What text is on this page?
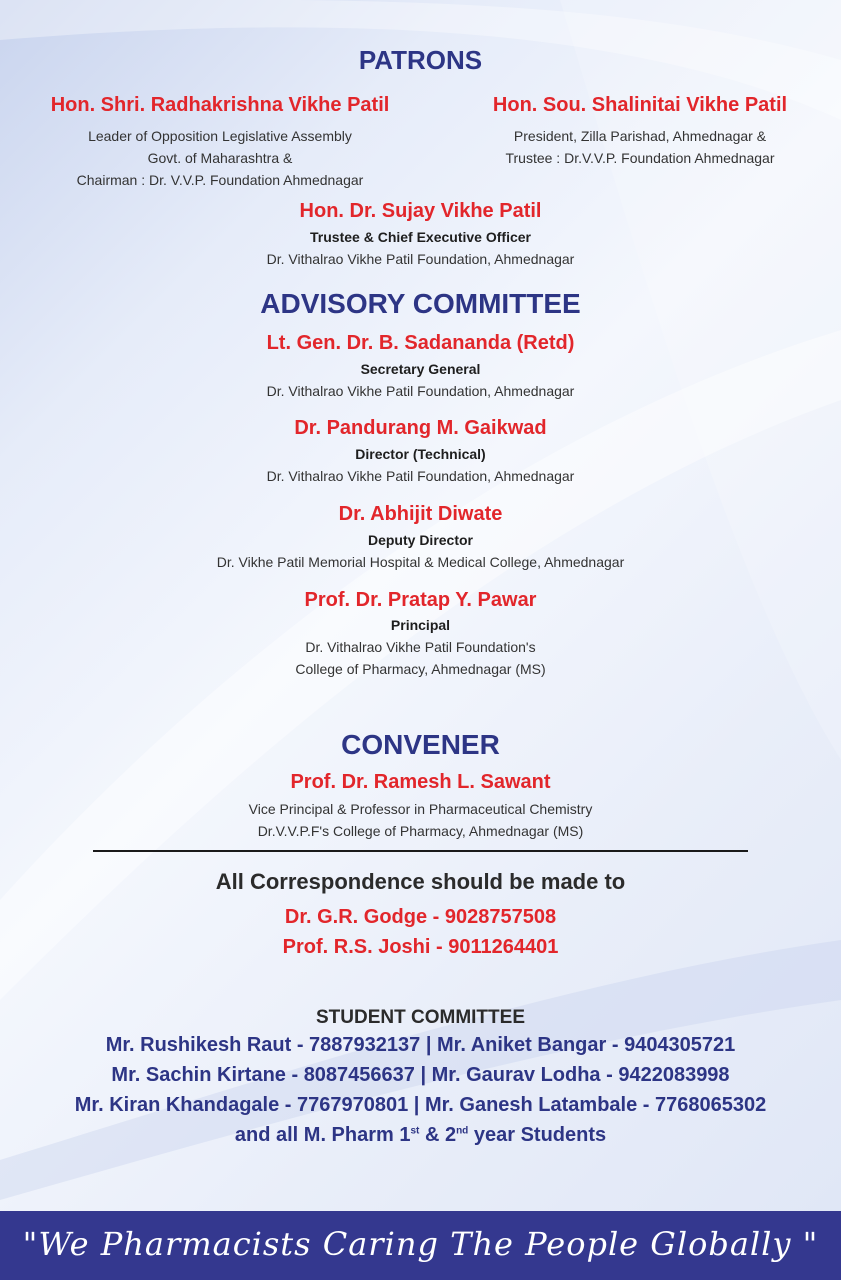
PATRONS
Hon. Shri. Radhakrishna Vikhe Patil
Leader of Opposition Legislative Assembly
Govt. of Maharashtra &
Chairman : Dr. V.V.P. Foundation Ahmednagar
Hon. Sou. Shalinitai Vikhe Patil
President, Zilla Parishad, Ahmednagar &
Trustee : Dr.V.V.P. Foundation Ahmednagar
Hon. Dr. Sujay Vikhe Patil
Trustee & Chief Executive Officer
Dr. Vithalrao Vikhe Patil Foundation, Ahmednagar
ADVISORY COMMITTEE
Lt. Gen. Dr. B. Sadananda (Retd)
Secretary General
Dr. Vithalrao Vikhe Patil Foundation, Ahmednagar
Dr. Pandurang M. Gaikwad
Director (Technical)
Dr. Vithalrao Vikhe Patil Foundation, Ahmednagar
Dr. Abhijit Diwate
Deputy Director
Dr. Vikhe Patil Memorial Hospital & Medical College, Ahmednagar
Prof. Dr. Pratap Y. Pawar
Principal
Dr. Vithalrao Vikhe Patil Foundation's
College of Pharmacy, Ahmednagar (MS)
CONVENER
Prof. Dr. Ramesh L. Sawant
Vice Principal & Professor in Pharmaceutical Chemistry
Dr.V.V.P.F's College of Pharmacy, Ahmednagar (MS)
All Correspondence should be made to
Dr. G.R. Godge - 9028757508
Prof. R.S. Joshi - 9011264401
STUDENT COMMITTEE
Mr. Rushikesh Raut - 7887932137 | Mr. Aniket Bangar - 9404305721
Mr. Sachin Kirtane - 8087456637 | Mr. Gaurav Lodha - 9422083998
Mr. Kiran Khandagale - 7767970801 | Mr. Ganesh Latambale - 7768065302
and all M. Pharm 1st & 2nd year Students
"We Pharmacists Caring The People Globally "
